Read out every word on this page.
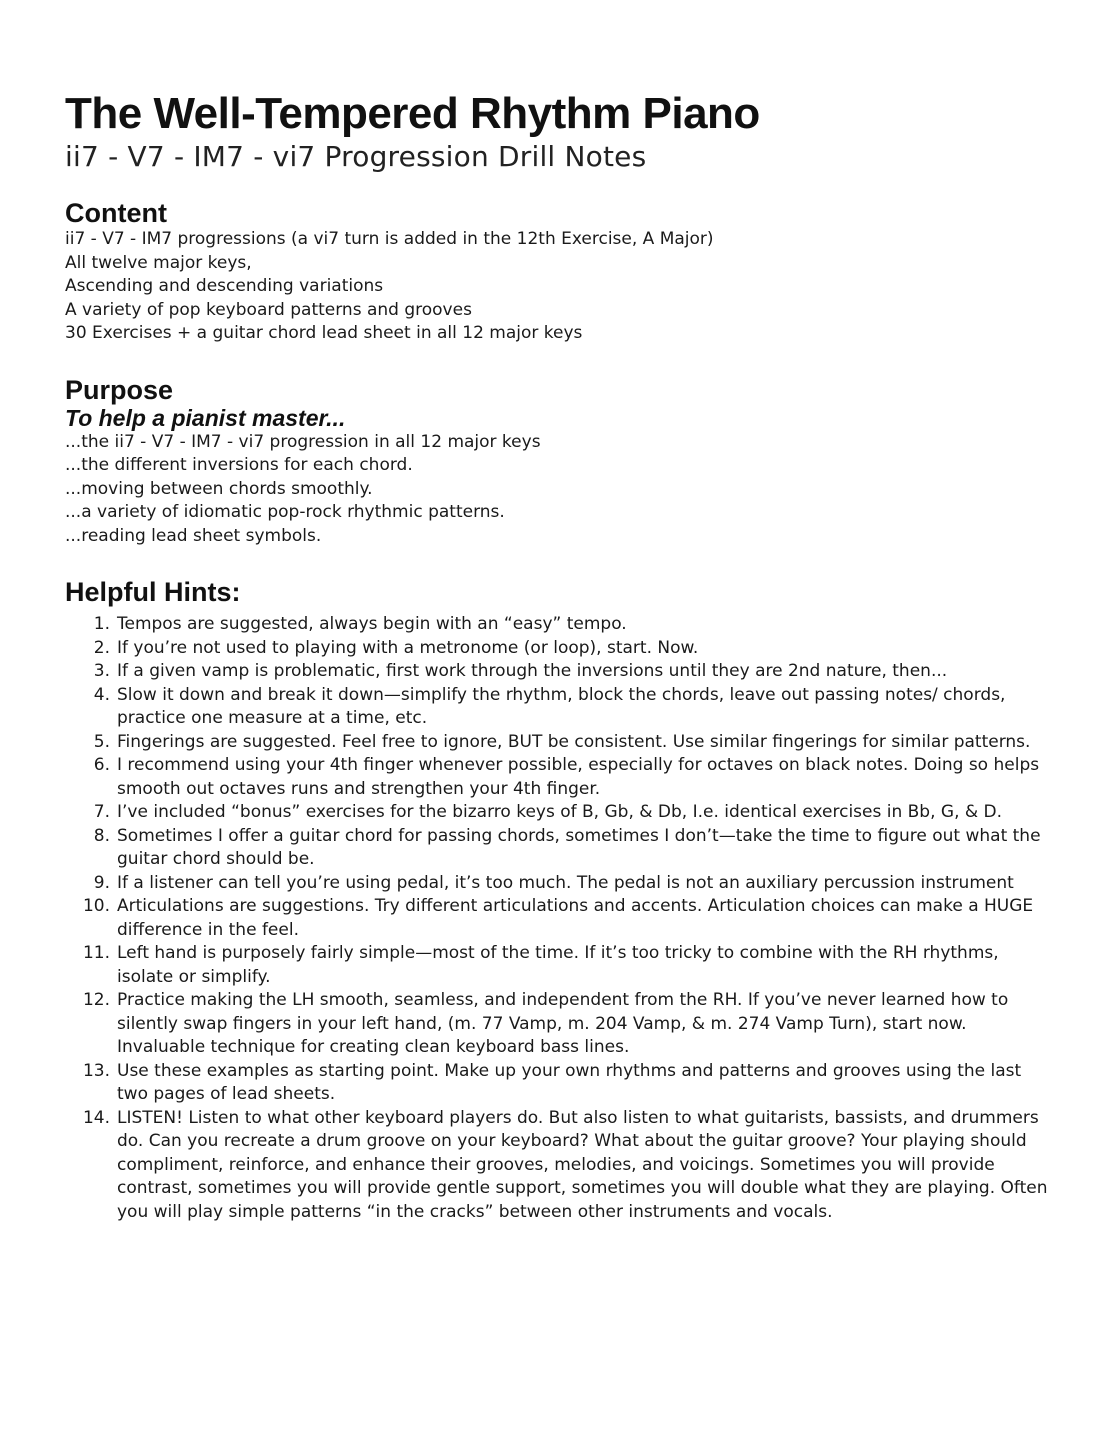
The Well-Tempered Rhythm Piano
ii7 - V7 - IM7 - vi7 Progression Drill Notes
Content

ii7 - V7 - IM7 progressions (a vi7 turn is added in the 12th Exercise, A Major)

All twelve major keys,

Ascending and descending variations

A variety of pop keyboard patterns and grooves

30 Exercises + a guitar chord lead sheet in all 12 major keys

Purpose
To help a pianist master...

...the ii7 - V7 - IM7 - vi7 progression in all 12 major keys

...the different inversions for each chord.

...moving between chords smoothly.

...a variety of idiomatic pop-rock rhythmic patterns.

...reading lead sheet symbols.

Helpful Hints:
1. Tempos are suggested, always begin with an “easy” tempo.
2. If you’re not used to playing with a metronome (or loop), start. Now.
3. If a given vamp is problematic, first work through the inversions until they are 2nd nature, then...
4. Slow it down and break it down—simplify the rhythm, block the chords, leave out passing notes/ chords, practice one measure at a time, etc.
5. Fingerings are suggested. Feel free to ignore, BUT be consistent. Use similar fingerings for similar patterns.
6. I recommend using your 4th finger whenever possible, especially for octaves on black notes. Doing so helps smooth out octaves runs and strengthen your 4th finger.
7. I’ve included “bonus” exercises for the bizarro keys of B, Gb, & Db, I.e. identical exercises in Bb, G, & D.
8. Sometimes I offer a guitar chord for passing chords, sometimes I don’t—take the time to figure out what the guitar chord should be.
9. If a listener can tell you’re using pedal, it’s too much. The pedal is not an auxiliary percussion instrument
10. Articulations are suggestions. Try different articulations and accents. Articulation choices can make a HUGE difference in the feel.
11. Left hand is purposely fairly simple—most of the time. If it’s too tricky to combine with the RH rhythms, isolate or simplify.
12. Practice making the LH smooth, seamless, and independent from the RH. If you’ve never learned how to silently swap fingers in your left hand, (m. 77 Vamp, m. 204 Vamp, & m. 274 Vamp Turn), start now. Invaluable technique for creating clean keyboard bass lines.
13. Use these examples as starting point. Make up your own rhythms and patterns and grooves using the last two pages of lead sheets.
14. LISTEN! Listen to what other keyboard players do. But also listen to what guitarists, bassists, and drummers do. Can you recreate a drum groove on your keyboard? What about the guitar groove? Your playing should compliment, reinforce, and enhance their grooves, melodies, and voicings. Sometimes you will provide contrast, sometimes you will provide gentle support, sometimes you will double what they are playing. Often you will play simple patterns “in the cracks” between other instruments and vocals.
